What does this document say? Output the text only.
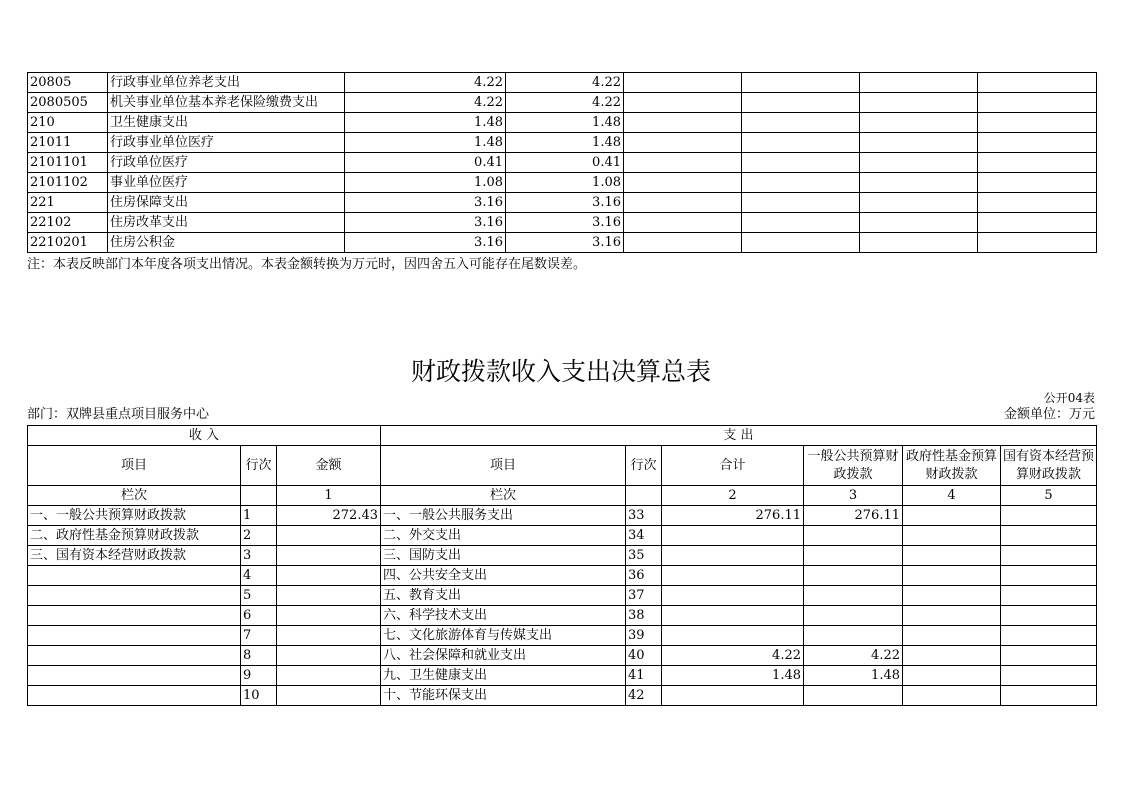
20805	行政事业单位养老支出	4.22	4.22				
2080505	机关事业单位基本养老保险缴费支出	4.22	4.22				
210	卫生健康支出	1.48	1.48				
21011	行政事业单位医疗	1.48	1.48				
2101101	行政单位医疗	0.41	0.41				
2101102	事业单位医疗	1.08	1.08				
221	住房保障支出	3.16	3.16				
22102	住房改革支出	3.16	3.16				
2210201	住房公积金	3.16	3.16				
注：本表反映部门本年度各项支出情况。本表金额转换为万元时，因四舍五入可能存在尾数误差。
财政拨款收入支出决算总表
公开04表
部门：双牌县重点项目服务中心	金额单位：万元
收 入			支 出					
项目	行次	金额	项目	行次	合计	一般公共预算财政拨款	政府性基金预算财政拨款	国有资本经营预算财政拨款
栏次		1	栏次		2	3	4	5
一、一般公共预算财政拨款	1	272.43	一、一般公共服务支出	33	276.11	276.11		
二、政府性基金预算财政拨款	2		二、外交支出	34				
三、国有资本经营财政拨款	3		三、国防支出	35				
	4		四、公共安全支出	36				
	5		五、教育支出	37				
	6		六、科学技术支出	38				
	7		七、文化旅游体育与传媒支出	39				
	8		八、社会保障和就业支出	40	4.22	4.22		
	9		九、卫生健康支出	41	1.48	1.48		
	10		十、节能环保支出	42				
